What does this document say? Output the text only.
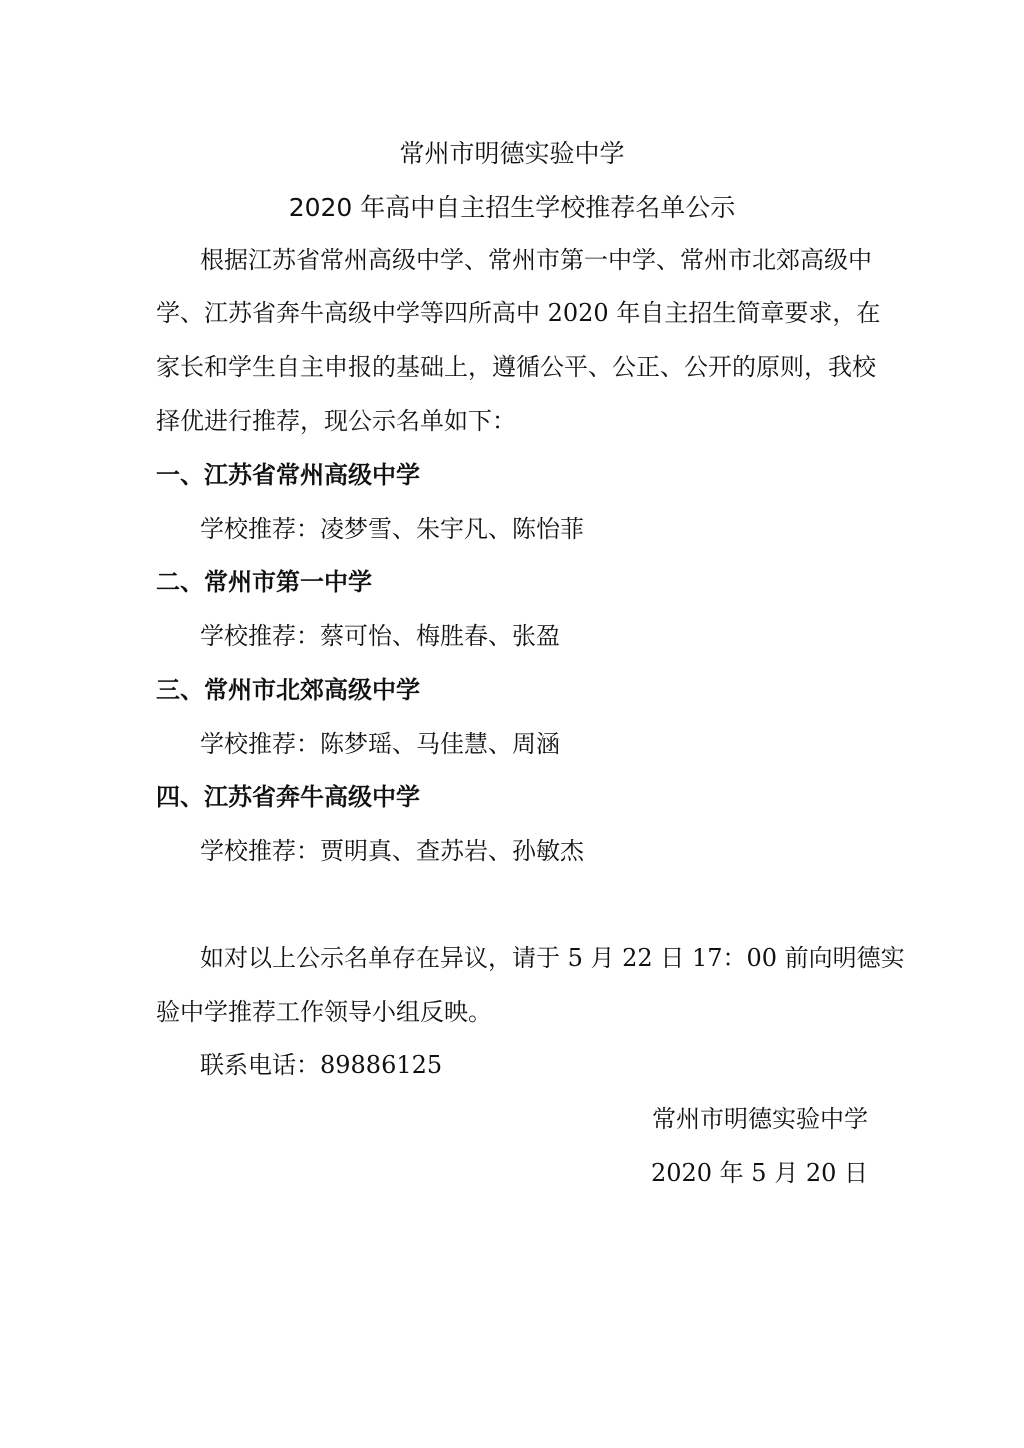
常州市明德实验中学
2020 年高中自主招生学校推荐名单公示
根据江苏省常州高级中学、常州市第一中学、常州市北郊高级中
学、江苏省奔牛高级中学等四所高中 2020 年自主招生简章要求，在
家长和学生自主申报的基础上，遵循公平、公正、公开的原则，我校
择优进行推荐，现公示名单如下：
一、江苏省常州高级中学
学校推荐：凌梦雪、朱宇凡、陈怡菲
二、常州市第一中学
学校推荐：蔡可怡、梅胜春、张盈
三、常州市北郊高级中学
学校推荐：陈梦瑶、马佳慧、周涵
四、江苏省奔牛高级中学
学校推荐：贾明真、查苏岩、孙敏杰
如对以上公示名单存在异议，请于 5 月 22 日 17：00 前向明德实
验中学推荐工作领导小组反映。
联系电话：89886125
常州市明德实验中学
2020 年 5 月 20 日
